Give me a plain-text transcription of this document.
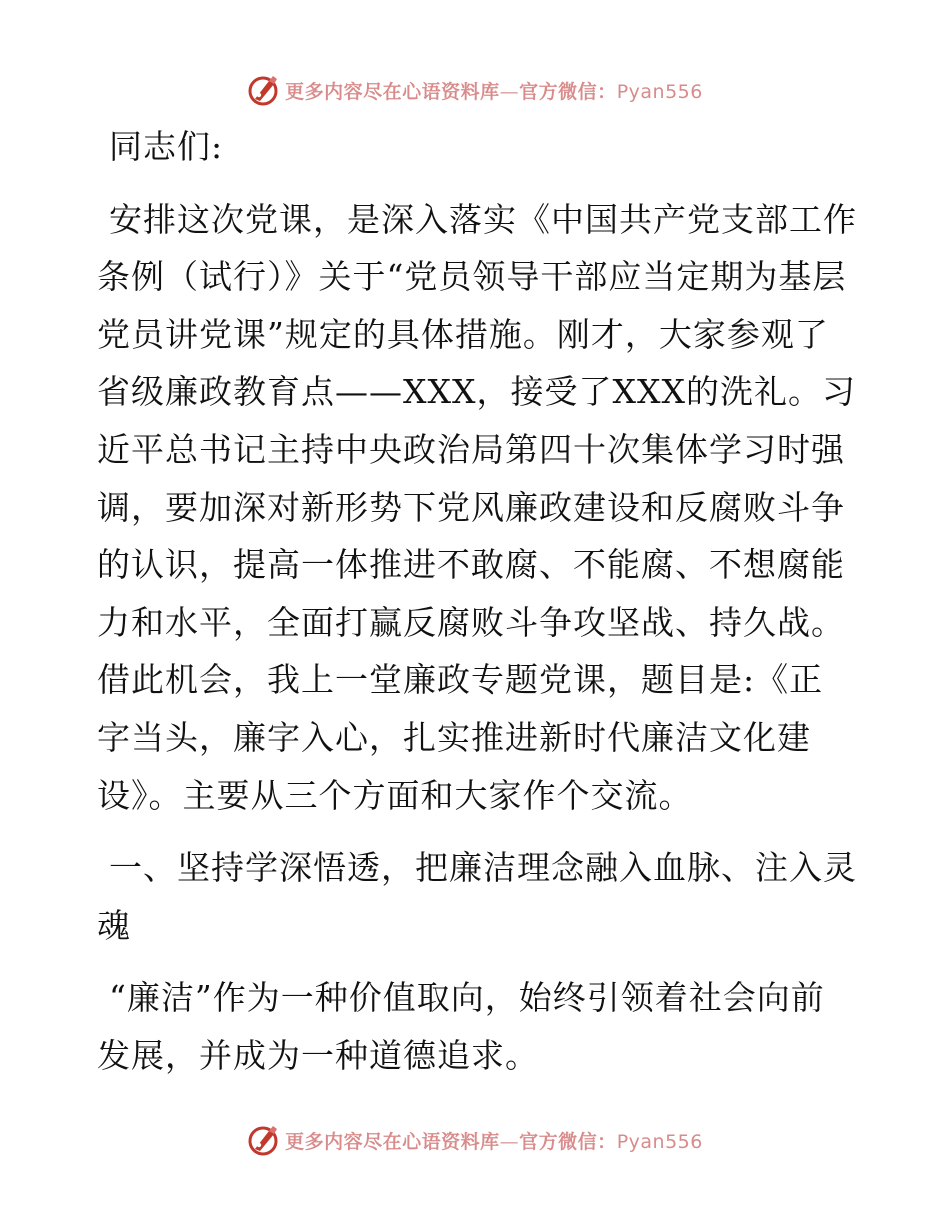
更多内容尽在心语资料库—官方微信：Pyan556

同志们:

安排这次党课，是深入落实《中国共产党支部工作条例（试行）》关于“党员领导干部应当定期为基层党员讲党课”规定的具体措施。刚才，大家参观了省级廉政教育点——XXX，接受了XXX的洗礼。习近平总书记主持中央政治局第四十次集体学习时强调，要加深对新形势下党风廉政建设和反腐败斗争的认识，提高一体推进不敢腐、不能腐、不想腐能力和水平，全面打赢反腐败斗争攻坚战、持久战。借此机会，我上一堂廉政专题党课，题目是:《正字当头，廉字入心，扎实推进新时代廉洁文化建设》。主要从三个方面和大家作个交流。

一、坚持学深悟透，把廉洁理念融入血脉、注入灵魂

“廉洁”作为一种价值取向，始终引领着社会向前发展，并成为一种道德追求。

更多内容尽在心语资料库—官方微信：Pyan556
